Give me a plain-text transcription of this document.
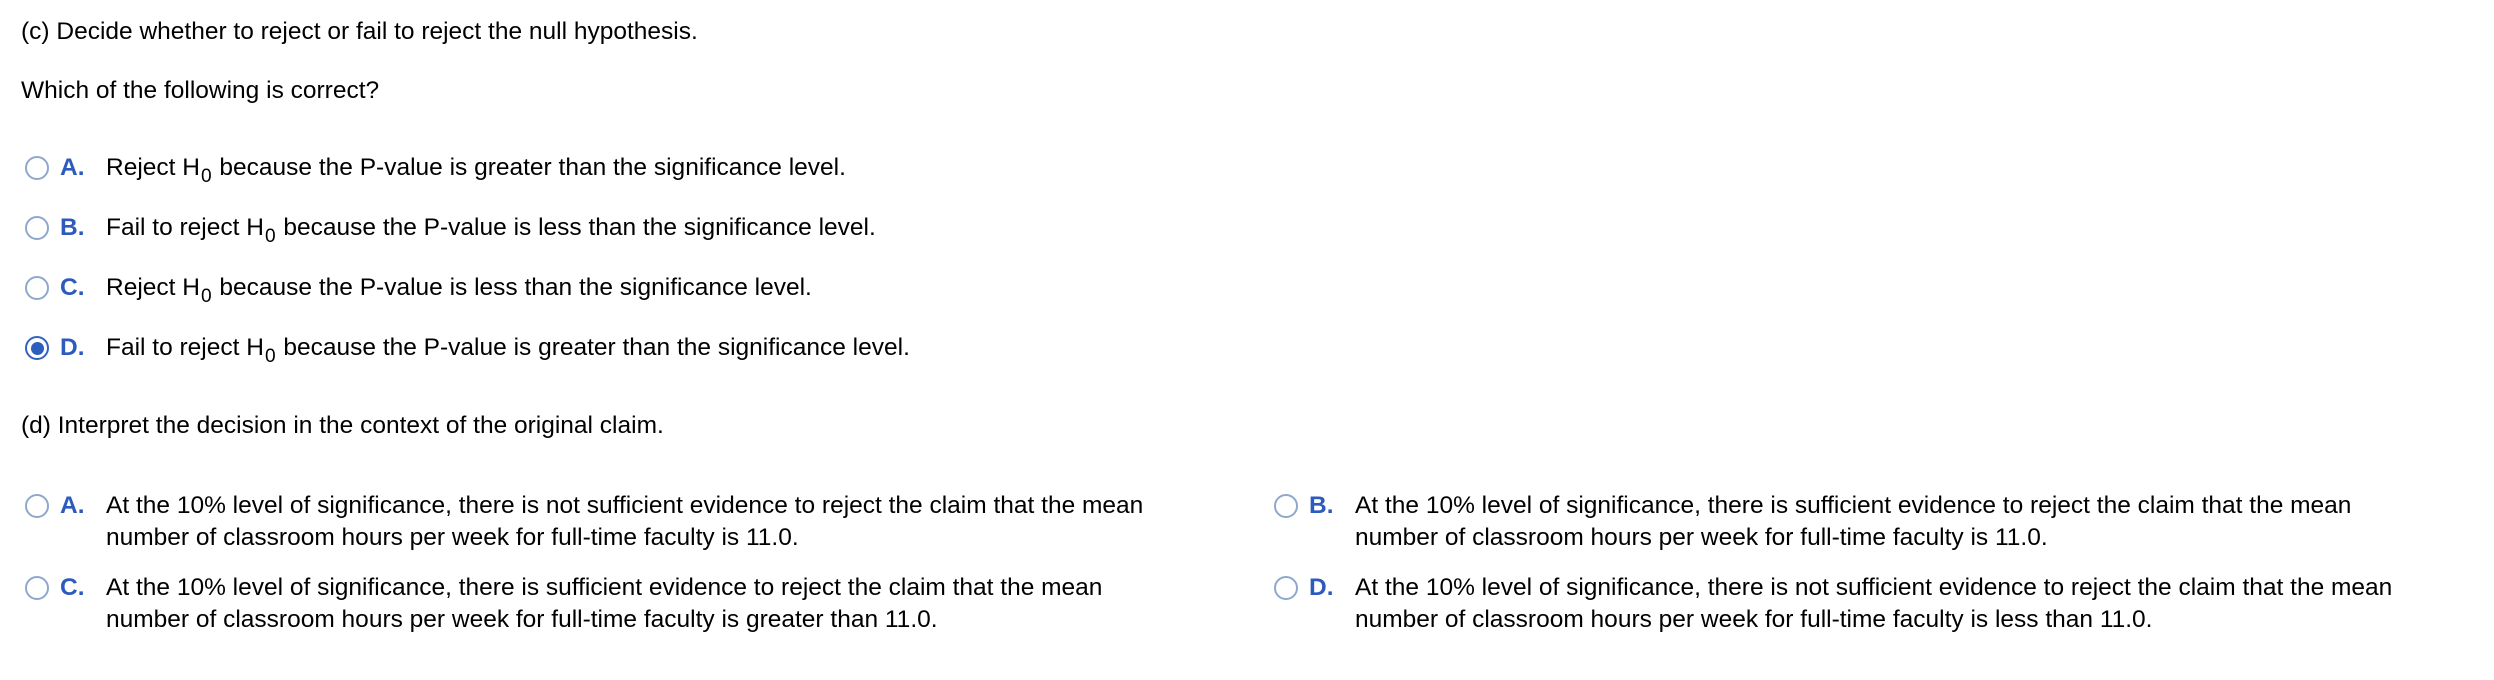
(c) Decide whether to reject or fail to reject the null hypothesis.
Which of the following is correct?
A. Reject $H_0$ because the P-value is greater than the significance level.
B. Fail to reject $H_0$ because the P-value is less than the significance level.
C. Reject $H_0$ because the P-value is less than the significance level.
D. Fail to reject $H_0$ because the P-value is greater than the significance level.
(d) Interpret the decision in the context of the original claim.
A. At the 10% level of significance, there is not sufficient evidence to reject the claim that the mean
number of classroom hours per week for full-time faculty is 11.0.
B. At the 10% level of significance, there is sufficient evidence to reject the claim that the mean
number of classroom hours per week for full-time faculty is 11.0.
C. At the 10% level of significance, there is sufficient evidence to reject the claim that the mean
number of classroom hours per week for full-time faculty is greater than 11.0.
D. At the 10% level of significance, there is not sufficient evidence to reject the claim that the mean
number of classroom hours per week for full-time faculty is less than 11.0.
